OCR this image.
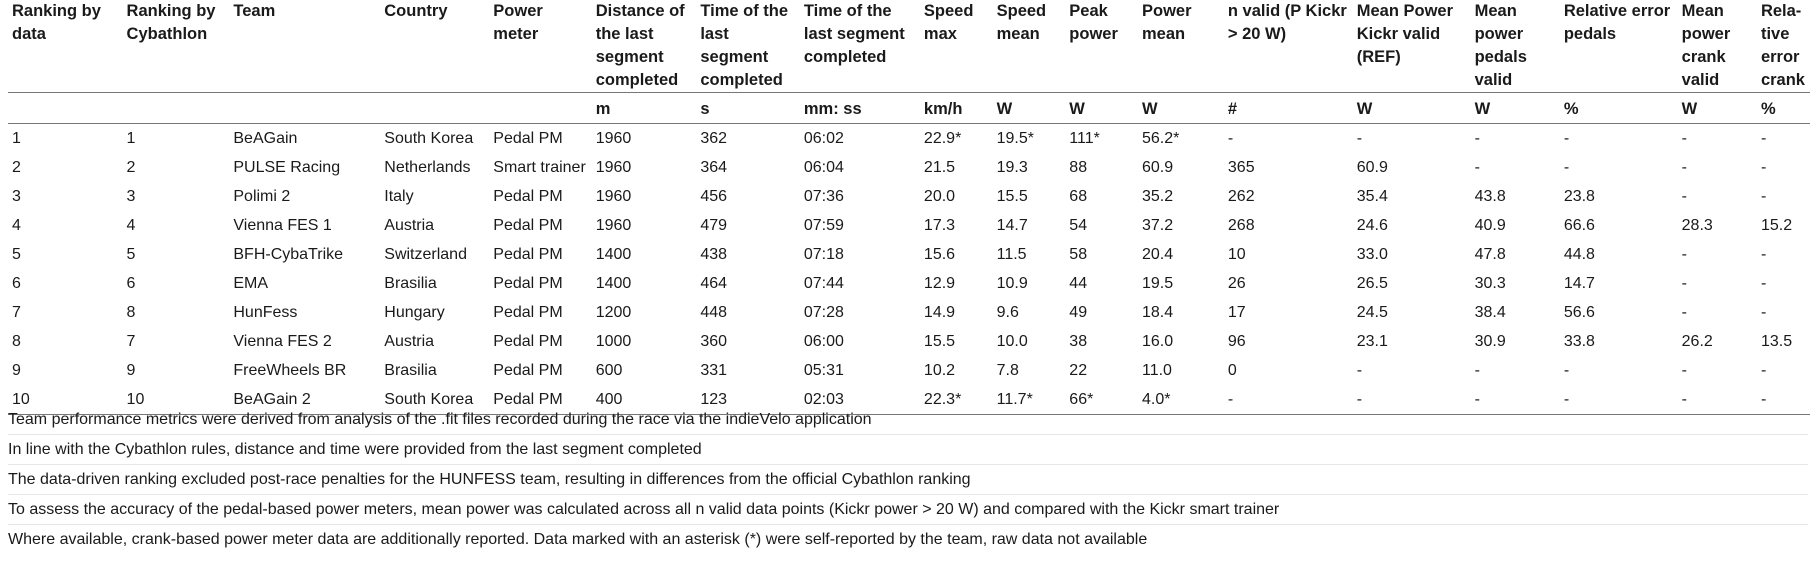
Ranking by data	Ranking by Cybathlon	Team	Country	Power meter	Distance of the last segment completed	Time of the last segment completed	Time of the last segment completed	Speed max	Speed mean	Peak power	Power mean	n valid (P Kickr > 20 W)	Mean Power Kickr valid (REF)	Mean power pedals valid	Relative error pedals	Mean power crank valid	Rela-tive error crank
					m	s	mm: ss	km/h	W	W	W	#	W	W	%	W	%
1	1	BeAGain	South Korea	Pedal PM	1960	362	06:02	22.9*	19.5*	111*	56.2*	-	-	-	-	-	-
2	2	PULSE Racing	Netherlands	Smart trainer	1960	364	06:04	21.5	19.3	88	60.9	365	60.9	-	-	-	-
3	3	Polimi 2	Italy	Pedal PM	1960	456	07:36	20.0	15.5	68	35.2	262	35.4	43.8	23.8	-	-
4	4	Vienna FES 1	Austria	Pedal PM	1960	479	07:59	17.3	14.7	54	37.2	268	24.6	40.9	66.6	28.3	15.2
5	5	BFH-CybaTrike	Switzerland	Pedal PM	1400	438	07:18	15.6	11.5	58	20.4	10	33.0	47.8	44.8	-	-
6	6	EMA	Brasilia	Pedal PM	1400	464	07:44	12.9	10.9	44	19.5	26	26.5	30.3	14.7	-	-
7	8	HunFess	Hungary	Pedal PM	1200	448	07:28	14.9	9.6	49	18.4	17	24.5	38.4	56.6	-	-
8	7	Vienna FES 2	Austria	Pedal PM	1000	360	06:00	15.5	10.0	38	16.0	96	23.1	30.9	33.8	26.2	13.5
9	9	FreeWheels BR	Brasilia	Pedal PM	600	331	05:31	10.2	7.8	22	11.0	0	-	-	-	-	-
10	10	BeAGain 2	South Korea	Pedal PM	400	123	02:03	22.3*	11.7*	66*	4.0*	-	-	-	-	-	-
Team performance metrics were derived from analysis of the .fit files recorded during the race via the indieVelo application
In line with the Cybathlon rules, distance and time were provided from the last segment completed
The data-driven ranking excluded post-race penalties for the HUNFESS team, resulting in differences from the official Cybathlon ranking
To assess the accuracy of the pedal-based power meters, mean power was calculated across all n valid data points (Kickr power > 20 W) and compared with the Kickr smart trainer
Where available, crank-based power meter data are additionally reported. Data marked with an asterisk (*) were self-reported by the team, raw data not available
